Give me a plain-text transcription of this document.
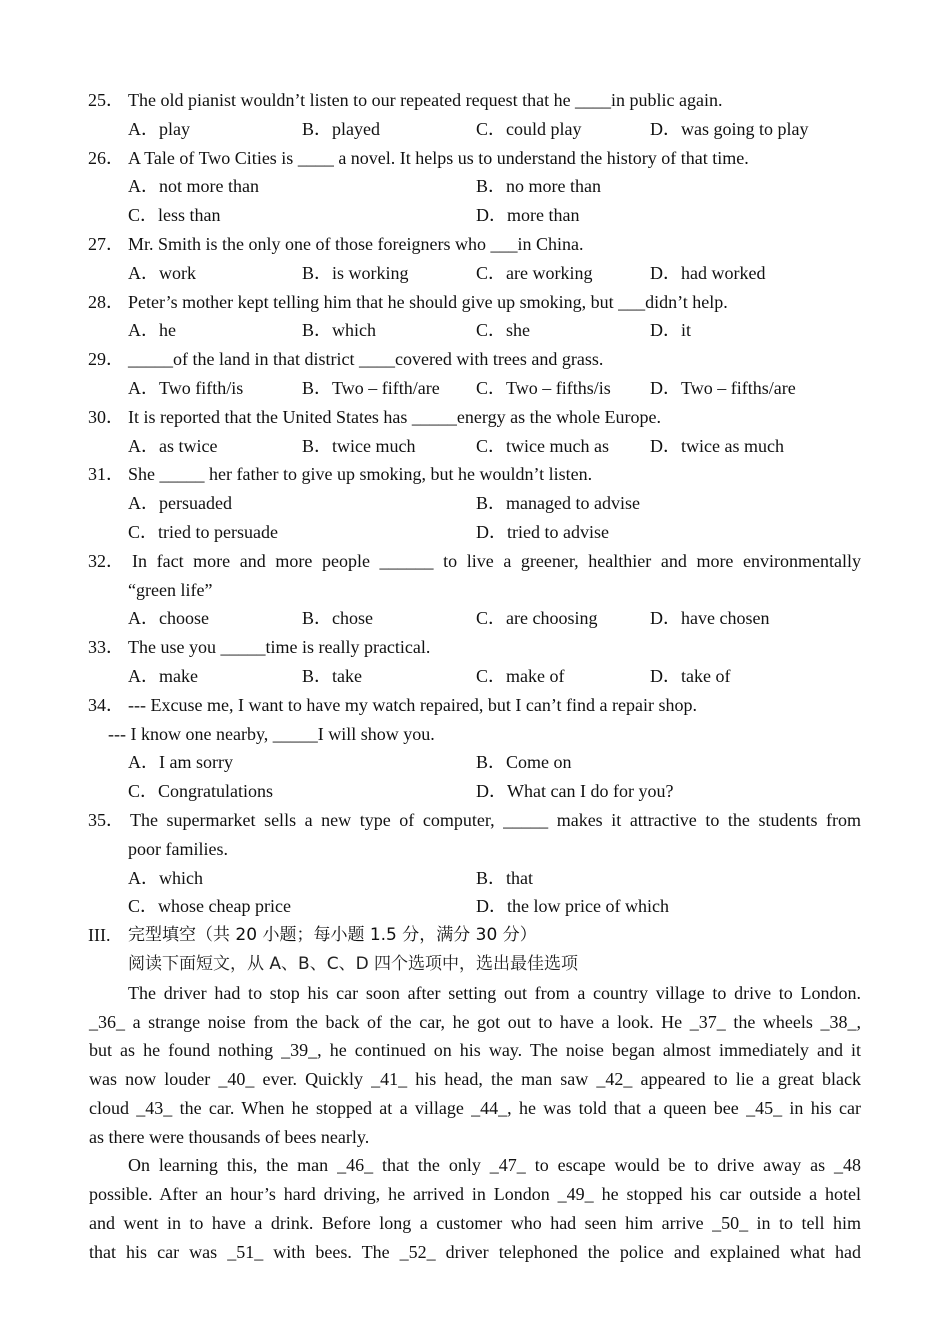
25． The old pianist wouldn’t listen to our repeated request that he ____in public again.
A．play	B．played	C．could play	D．was going to play
26． A Tale of Two Cities is ____ a novel. It helps us to understand the history of that time.
A．not more than	B．no more than
C．less than	D．more than
27． Mr. Smith is the only one of those foreigners who ___in China.
A．work	B．is working	C．are working	D．had worked
28． Peter’s mother kept telling him that he should give up smoking, but ___didn’t help.
A．he	B．which	C．she	D．it
29． _____of the land in that district ____covered with trees and grass.
A．Two fifth/is	B．Two – fifth/are C．Two – fifths/is D．Two – fifths/are
30． It is reported that the United States has _____energy as the whole Europe.
A．as twice	B．twice much	C．twice much as D．twice as much
31． She _____ her father to give up smoking, but he wouldn’t listen.
A．persuaded	B．managed to advise
C．tried to persuade	D．tried to advise
32． In fact more and more people ______ to live a greener, healthier and more environmentally
“green life”
A．choose	B．chose	C．are choosing	D．have chosen
33． The use you _____time is really practical.
A．make	B．take	C．make of	D．take of
34． --- Excuse me, I want to have my watch repaired, but I can’t find a repair shop.
--- I know one nearby, _____I will show you.
A．I am sorry	B．Come on
C．Congratulations	D．What can I do for you?
35． The supermarket sells a new type of computer, _____ makes it attractive to the students from
poor families.
A．which	B．that
C．whose cheap price	D．the low price of which
III. 完型填空（共 20 小题；每小题 1.5 分，满分 30 分）
阅读下面短文，从 A、B、C、D 四个选项中，选出最佳选项
The driver had to stop his car soon after setting out from a country village to drive to London.
_36_ a strange noise from the back of the car, he got out to have a look. He _37_ the wheels _38_,
but as he found nothing _39_, he continued on his way. The noise began almost immediately and it
was now louder _40_ ever. Quickly _41_ his head, the man saw _42_ appeared to lie a great black
cloud _43_ the car. When he stopped at a village _44_, he was told that a queen bee _45_ in his car
as there were thousands of bees nearly.
On learning this, the man _46_ that the only _47_ to escape would be to drive away as _48
possible. After an hour’s hard driving, he arrived in London _49_ he stopped his car outside a hotel
and went in to have a drink. Before long a customer who had seen him arrive _50_ in to tell him
that his car was _51_ with bees. The _52_ driver telephoned the police and explained what had
